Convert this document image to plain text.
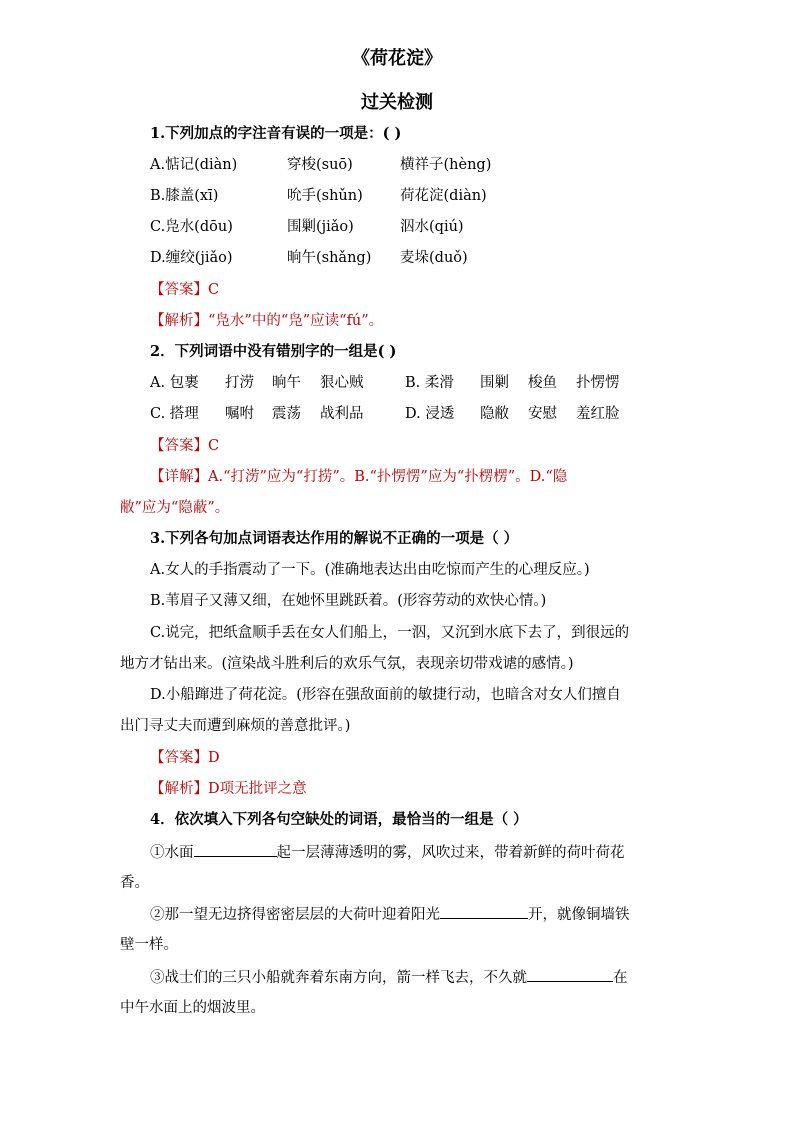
《荷花淀》
过关检测
1.下列加点的字注音有误的一项是：( )
A.惦记(diàn)	穿梭(suō)	横祥子(hèng)
B.膝盖(xī)	吮手(shǔn)	荷花淀(diàn)
C.凫水(dōu)	围剿(jiǎo)	泅水(qiú)
D.缠绞(jiǎo)	晌午(shǎng) 麦垛(duǒ)
【答案】C
【解析】“凫水”中的“凫”应读“fú”。
2．下列词语中没有错别字的一组是( )
A. 包裹 打涝 晌午 狠心贼	B. 柔滑 围剿 梭鱼 扑愣愣
C. 搭理 嘱咐 震荡 战利品	D. 浸透 隐敝 安慰 羞红脸
【答案】C
【详解】A.“打涝”应为“打捞”。B.“扑愣愣”应为“扑楞楞”。D.“隐
敝”应为“隐蔽”。
3.下列各句加点词语表达作用的解说不正确的一项是（ ）
A.女人的手指震动了一下。(准确地表达出由吃惊而产生的心理反应。)
B.苇眉子又薄又细，在她怀里跳跃着。(形容劳动的欢快心情。)
C.说完，把纸盒顺手丢在女人们船上，一泅，又沉到水底下去了，到很远的
地方才钻出来。(渲染战斗胜利后的欢乐气氛，表现亲切带戏谑的感情。)
D.小船蹿进了荷花淀。(形容在强敌面前的敏捷行动，也暗含对女人们擅自
出门寻丈夫而遭到麻烦的善意批评。)
【答案】D
【解析】D项无批评之意
4．依次填入下列各句空缺处的词语，最恰当的一组是（ ）
①水面	起一层薄薄透明的雾，风吹过来，带着新鲜的荷叶荷花
香。
②那一望无边挤得密密层层的大荷叶迎着阳光	开，就像铜墙铁
壁一样。
③战士们的三只小船就奔着东南方向，箭一样飞去，不久就	在
中午水面上的烟波里。
